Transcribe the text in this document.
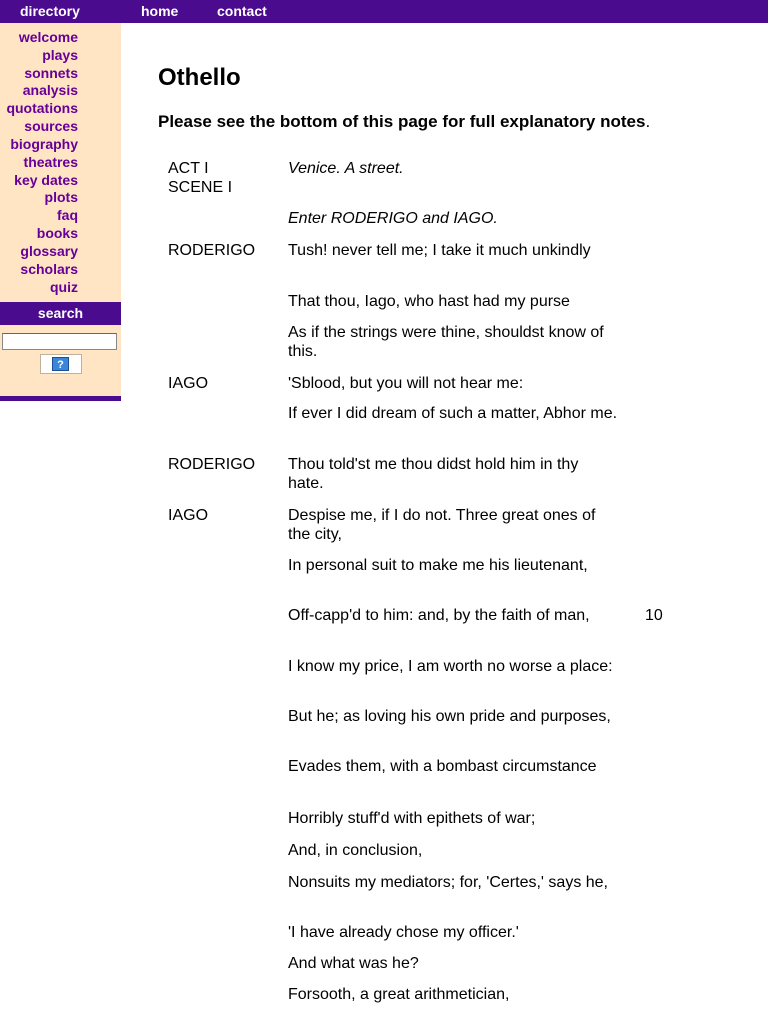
directory	home	contact
welcome
plays
sonnets
analysis
quotations
sources
biography
theatres
key dates
plots
faq
books
glossary
scholars
quiz
search
?
Othello
Please see the bottom of this page for full explanatory notes.
ACT I
SCENE I
Venice. A street.
Enter RODERIGO and IAGO.
RODERIGO	Tush! never tell me; I take it much unkindly
That thou, Iago, who hast had my purse
As if the strings were thine, shouldst know of this.
IAGO	'Sblood, but you will not hear me:
If ever I did dream of such a matter, Abhor me.
RODERIGO	Thou told'st me thou didst hold him in thy hate.
IAGO	Despise me, if I do not. Three great ones of the city,
In personal suit to make me his lieutenant,
Off-capp'd to him: and, by the faith of man,	10
I know my price, I am worth no worse a place:
But he; as loving his own pride and purposes,
Evades them, with a bombast circumstance
Horribly stuff'd with epithets of war;
And, in conclusion,
Nonsuits my mediators; for, 'Certes,' says he,
'I have already chose my officer.'
And what was he?
Forsooth, a great arithmetician,
